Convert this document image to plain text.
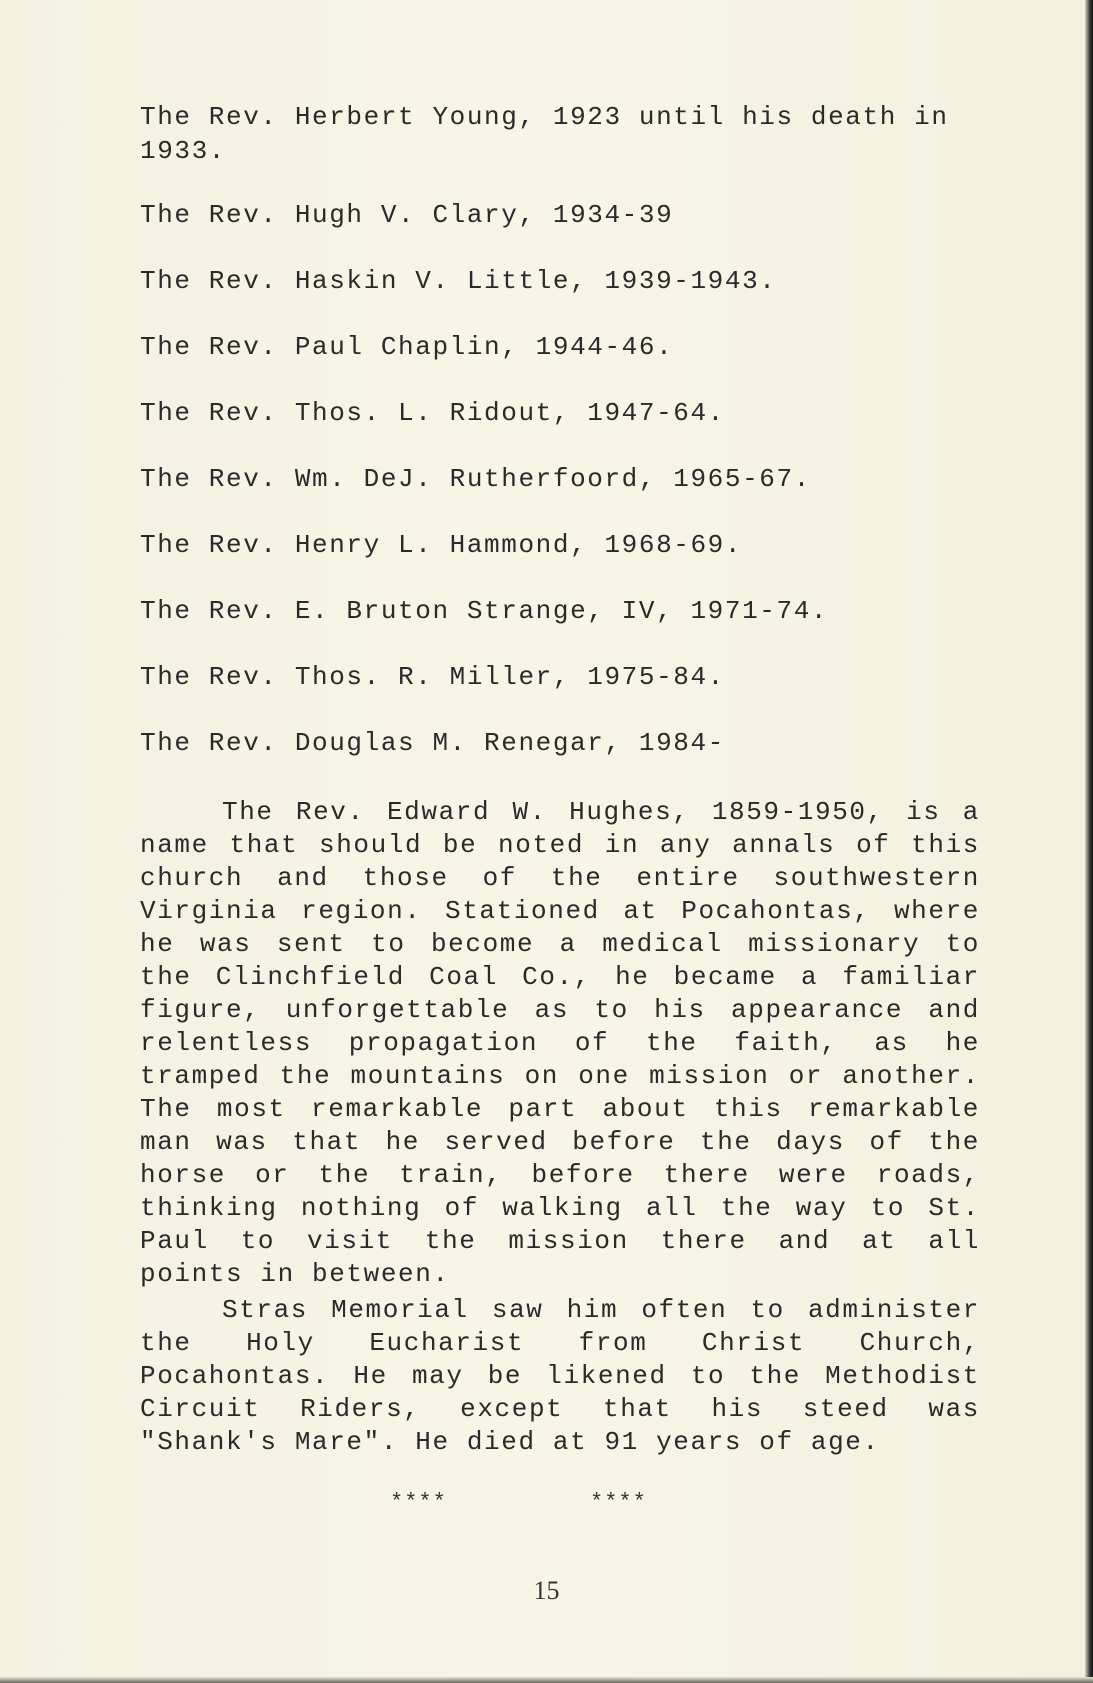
The Rev. Herbert Young, 1923 until his death in

1933.

The Rev. Hugh V. Clary, 1934-39

The Rev. Haskin V. Little, 1939-1943.

The Rev. Paul Chaplin, 1944-46.

The Rev. Thos. L. Ridout, 1947-64.

The Rev. Wm. DeJ. Rutherfoord, 1965-67.

The Rev. Henry L. Hammond, 1968-69.

The Rev. E. Bruton Strange, IV, 1971-74.

The Rev. Thos. R. Miller, 1975-84.

The Rev. Douglas M. Renegar, 1984-

The Rev. Edward W. Hughes, 1859-1950, is a name that should be noted in any annals of this church and those of the entire southwestern Virginia region. Stationed at Pocahontas, where he was sent to become a medical missionary to the Clinchfield Coal Co., he became a familiar figure, unforgettable as to his appearance and relentless propagation of the faith, as he tramped the mountains on one mission or another. The most remarkable part about this remarkable man was that he served before the days of the horse or the train, before there were roads, thinking nothing of walking all the way to St. Paul to visit the mission there and at all points in between.

Stras Memorial saw him often to administer the Holy Eucharist from Christ Church, Pocahontas. He may be likened to the Methodist Circuit Riders, except that his steed was "Shank's Mare". He died at 91 years of age.

****	****
15
